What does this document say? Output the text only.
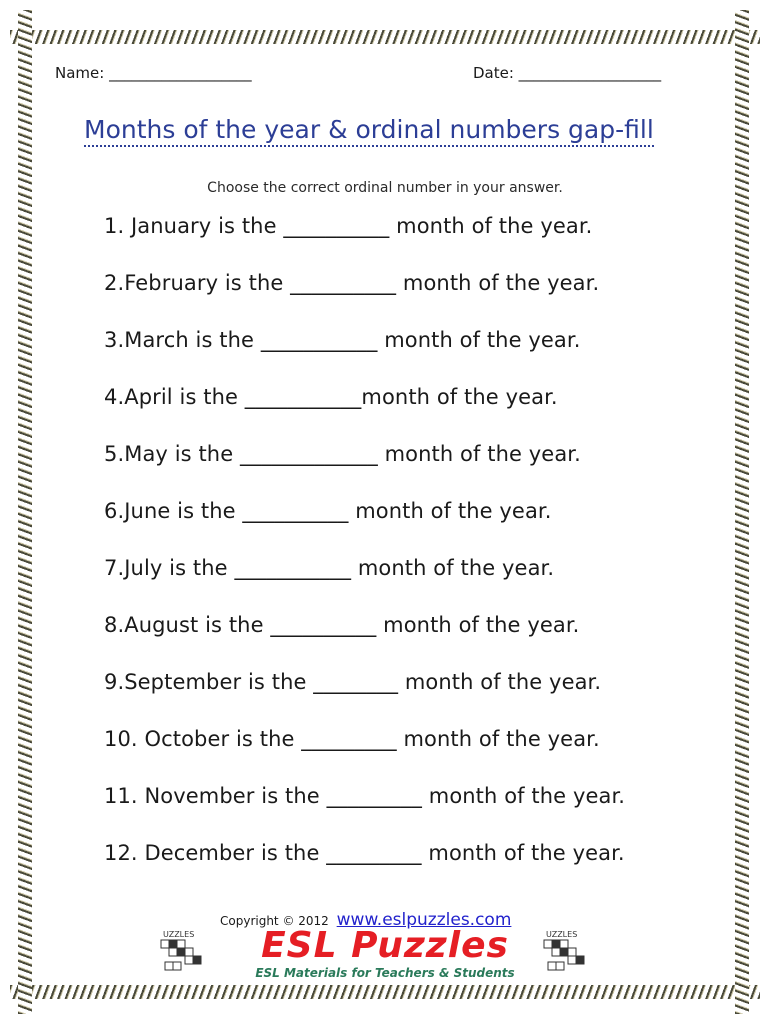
Name: ___________________	Date: ___________________
Months of the year & ordinal numbers gap-fill
Choose the correct ordinal number in your answer.
1. January is the __________ month of the year.
2.February is the __________ month of the year.
3.March is the ___________ month of the year.
4.April is the ___________month of the year.
5.May is the _____________ month of the year.
6.June is the __________ month of the year.
7.July is the ___________ month of the year.
8.August is the __________ month of the year.
9.September is the ________ month of the year.
10. October is the _________ month of the year.
11. November is the _________ month of the year.
12. December is the _________ month of the year.
Copyright © 2012 www.eslpuzzles.com
UZZLES	UZZLES
ESL Puzzles
ESL Materials for Teachers & Students
